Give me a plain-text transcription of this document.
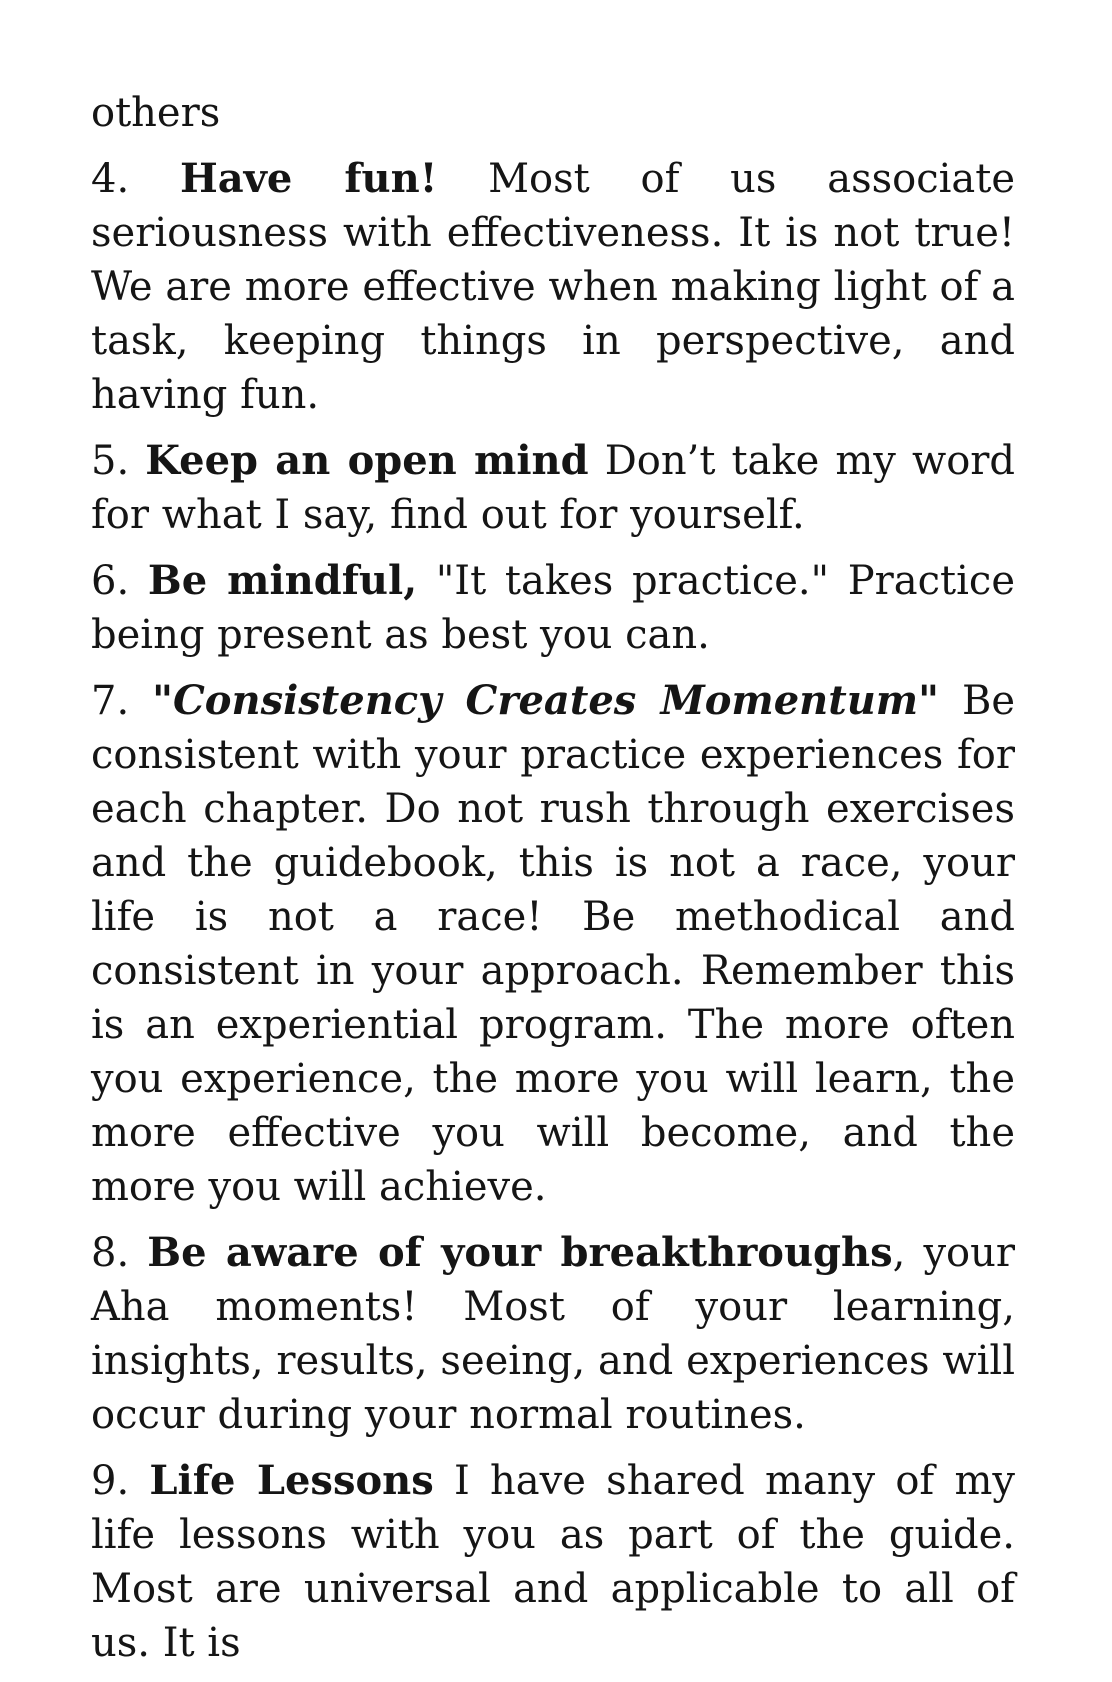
others

4. Have fun! Most of us associate seriousness with effectiveness. It is not true! We are more effective when making light of a task, keeping things in perspective, and having fun.

5. Keep an open mind Don’t take my word for what I say, find out for yourself.

6. Be mindful, "It takes practice." Practice being present as best you can.

7. "Consistency Creates Momentum" Be consistent with your practice experiences for each chapter. Do not rush through exercises and the guidebook, this is not a race, your life is not a race! Be methodical and consistent in your approach. Remember this is an experiential program. The more often you experience, the more you will learn, the more effective you will become, and the more you will achieve.

8. Be aware of your breakthroughs, your Aha moments! Most of your learning, insights, results, seeing, and experiences will occur during your normal routines.

9. Life Lessons I have shared many of my life lessons with you as part of the guide. Most are universal and applicable to all of us. It is
